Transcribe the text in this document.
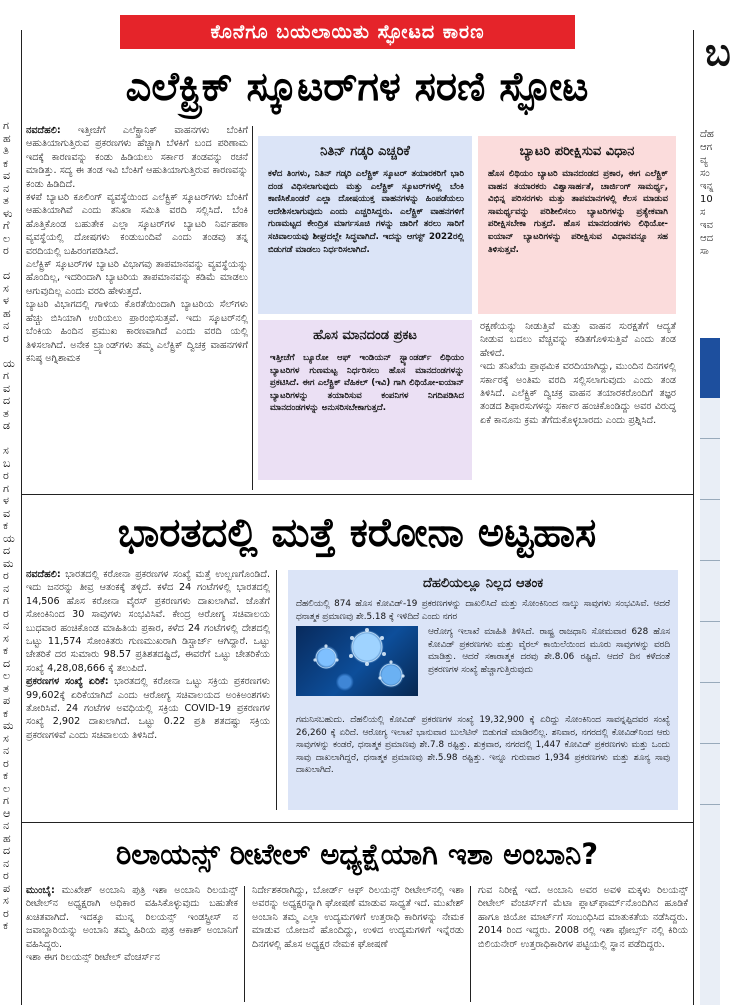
ಕೊನೆಗೂ ಬಯಲಾಯಿತು ಸ್ಫೋಟದ ಕಾರಣ
ಗ
ಹ
ತಿ
ಕ
ವ
ನ
ತ
ಳು
ಗೆ
ಲ
ರ

ದ
ಸ
ಳ
ಹ
ನ
ರ

ಯ
ಗ
ವ
ದ
ತ
ಡ

ಸ
ಬ
ರ
ಗ
ಳ
ವ
ಕ
ಯ
ದ
ಮ
ರ
ನ
ಗ
ರ
ನ
ಸ
ಕ
ದ
ಲ
ತ
ಪ
ಕ
ಮ
ಸ
ನ
ರ
ಕ
ಲ
ಗ
ಆ
ನ
ಹ
ದ
ನ
ರ
ಪ
ಸ
ರ
ಕ
ಬ
ದೆಹ
ಆಗ
ವ್ಯ
ಸಂ
ಇನ್ನ
10
ಸ
ಇವ
ಆದ
ಸಾ
ಎಲೆಕ್ಟ್ರಿಕ್ ಸ್ಕೂಟರ್‌ಗಳ ಸರಣಿ ಸ್ಫೋಟ
ನವದೆಹಲಿ: ಇತ್ತೀಚೆಗೆ ಎಲೆಕ್ಟ್ರಾನಿಕ್ ವಾಹನಗಳು ಬೆಂಕಿಗೆ ಆಹುತಿಯಾಗುತ್ತಿರುವ ಪ್ರಕರಣಗಳು ಹೆಚ್ಚಾಗಿ ಬೆಳಕಿಗೆ ಬಂದ ಪರಿಣಾಮ ಇದಕ್ಕೆ ಕಾರಣವನ್ನು ಕಂಡು ಹಿಡಿಯಲು ಸರ್ಕಾರ ತಂಡವನ್ನು ರಚನೆ ಮಾಡಿತ್ತು. ಸದ್ಯ ಈ ತಂಡ ಇವಿ ಬೆಂಕಿಗೆ ಆಹುತಿಯಾಗುತ್ತಿರುವ ಕಾರಣವನ್ನು ಕಂಡು ಹಿಡಿದಿದೆ.
ಕಳಪೆ ಬ್ಯಾಟರಿ ಕೂಲಿಂಗ್ ವ್ಯವಸ್ಥೆಯಿಂದ ಎಲೆಕ್ಟ್ರಿಕ್ ಸ್ಕೂಟರ್‌ಗಳು ಬೆಂಕಿಗೆ ಆಹುತಿಯಾಗಿವೆ ಎಂದು ತನಿಖಾ ಸಮಿತಿ ವರದಿ ಸಲ್ಲಿಸಿದೆ. ಬೆಂಕಿ ಹೊತ್ತಿಕೊಂಡ ಬಹುತೇಕ ಎಲ್ಲಾ ಸ್ಕೂಟರ್‌ಗಳ ಬ್ಯಾಟರಿ ನಿರ್ವಹಣಾ ವ್ಯವಸ್ಥೆಯಲ್ಲಿ ದೋಷಗಳು ಕಂಡುಬಂದಿವೆ ಎಂದು ತಂಡವು ತನ್ನ ವರದಿಯಲ್ಲಿ ಬಹಿರಂಗಪಡಿಸಿದೆ.
ಎಲೆಕ್ಟ್ರಿಕ್ ಸ್ಕೂಟರ್‌ಗಳ ಬ್ಯಾಟರಿ ವಿಭಾಗವು ತಾಪಮಾನವನ್ನು ವ್ಯವಸ್ಥೆಯನ್ನು ಹೊಂದಿಲ್ಲ, ಇದರಿಂದಾಗಿ ಬ್ಯಾಟರಿಯ ತಾಪಮಾನವನ್ನು ಕಡಿಮೆ ಮಾಡಲು ಆಗುವುದಿಲ್ಲ ಎಂದು ವರದಿ ಹೇಳುತ್ತದೆ.
ಬ್ಯಾಟರಿ ವಿಭಾಗದಲ್ಲಿ ಗಾಳಿಯ ಕೊರತೆಯಿಂದಾಗಿ ಬ್ಯಾಟರಿಯ ಸೆಲ್‌ಗಳು ಹೆಚ್ಚು ಬಿಸಿಯಾಗಿ ಉರಿಯಲು ಪ್ರಾರಂಭಿಸುತ್ತವೆ. ಇದು ಸ್ಕೂಟರ್‌ನಲ್ಲಿ ಬೆಂಕಿಯ ಹಿಂದಿನ ಪ್ರಮುಖ ಕಾರಣವಾಗಿದೆ ಎಂದು ವರದಿ ಯಲ್ಲಿ ತಿಳಿಸಲಾಗಿದೆ. ಅನೇಕ ಬ್ರ್ಯಾಂಡ್‌ಗಳು ತಮ್ಮ ಎಲೆಕ್ಟ್ರಿಕ್ ದ್ವಿಚಕ್ರ ವಾಹನಗಳಿಗೆ ಕನಿಷ್ಠ ಅಗ್ನಿಶಾಮಕ
ನಿತಿನ್ ಗಡ್ಕರಿ ಎಚ್ಚರಿಕೆ
ಕಳೆದ ತಿಂಗಳು, ನಿತಿನ್ ಗಡ್ಕರಿ ಎಲೆಕ್ಟ್ರಿಕ್ ಸ್ಕೂಟರ್ ತಯಾರಕರಿಗೆ ಭಾರಿ ದಂಡ ವಿಧಿಸಲಾಗುವುದು ಮತ್ತು ಎಲೆಕ್ಟ್ರಿಕ್ ಸ್ಕೂಟರ್‌ಗಳಲ್ಲಿ ಬೆಂಕಿ ಕಾಣಿಸಿಕೊಂಡರೆ ಎಲ್ಲಾ ದೋಷಯುಕ್ತ ವಾಹನಗಳನ್ನು ಹಿಂಪಡೆಯಲು ಆದೇಶಿಸಲಾಗುವುದು ಎಂದು ಎಚ್ಚರಿಸಿದ್ದರು. ಎಲೆಕ್ಟ್ರಿಕ್ ವಾಹನಗಳಿಗೆ ಗುಣಮಟ್ಟದ ಕೇಂದ್ರಿತ ಮಾರ್ಗಸೂಚಿ ಗಳನ್ನು ಜಾರಿಗೆ ತರಲು ಸಾರಿಗೆ ಸಚಿವಾಲಯವು ಶೀಘ್ರದಲ್ಲೇ ಸಿದ್ಧವಾಗಿದೆ. ಇದನ್ನು ಆಗಸ್ಟ್ 2022ರಲ್ಲಿ ಬಿಡುಗಡೆ ಮಾಡಲು ನಿರ್ಧರಿಸಲಾಗಿದೆ.
ಬ್ಯಾಟರಿ ಪರೀಕ್ಷಿಸುವ ವಿಧಾನ
ಹೊಸ ಲಿಥಿಯಂ ಬ್ಯಾಟರಿ ಮಾನದಂಡದ ಪ್ರಕಾರ, ಈಗ ಎಲೆಕ್ಟ್ರಿಕ್ ವಾಹನ ತಯಾರಕರು ವಿಶ್ವಾಸಾರ್ಹತೆ, ಚಾರ್ಜಿಂಗ್ ಸಾಮರ್ಥ್ಯ, ವಿಭಿನ್ನ ಪರಿಸರಗಳು ಮತ್ತು ತಾಪಮಾನಗಳಲ್ಲಿ ಕೆಲಸ ಮಾಡುವ ಸಾಮರ್ಥ್ಯವನ್ನು ಪರಿಶೀಲಿಸಲು ಬ್ಯಾಟರಿಗಳನ್ನು ಪ್ರತ್ಯೇಕವಾಗಿ ಪರೀಕ್ಷಿಸಬೇಕಾ ಗುತ್ತದೆ. ಹೊಸ ಮಾನದಂಡಗಳು ಲಿಥಿಯೋ-ಐಯಾನ್ ಬ್ಯಾಟರಿಗಳನ್ನು ಪರೀಕ್ಷಿಸುವ ವಿಧಾನವನ್ನೂ ಸಹ ತಿಳಿಸುತ್ತವೆ.
ಹೊಸ ಮಾನದಂಡ ಪ್ರಕಟ
ಇತ್ತೀಚೆಗೆ ಬ್ಯೂರೋ ಆಫ್ ಇಂಡಿಯನ್ ಸ್ಟ್ಯಾಂಡರ್ಡ್ ಲಿಥಿಯಂ ಬ್ಯಾಟರಿಗಳ ಗುಣಮಟ್ಟ ನಿರ್ಧರಿಸಲು ಹೊಸ ಮಾನದಂಡಗಳನ್ನು ಪ್ರಕಟಿಸಿದೆ. ಈಗ ಎಲೆಕ್ಟ್ರಿಕ್ ವೆಹಿಕಲ್ (ಇವಿ) ಗಾಗಿ ಲಿಥಿಯೋ-ಐಯಾನ್ ಬ್ಯಾಟರಿಗಳನ್ನು ತಯಾರಿಸುವ ಕಂಪನಿಗಳ ನಿಗದಿಪಡಿಸಿದ ಮಾನದಂಡಗಳನ್ನು ಅನುಸರಿಸಬೇಕಾಗುತ್ತದೆ.
ರಕ್ಷಣೆಯನ್ನು ನೀಡುತ್ತಿವೆ ಮತ್ತು ವಾಹನ ಸುರಕ್ಷತೆಗೆ ಆದ್ಯತೆ ನೀಡುವ ಬದಲು ವೆಚ್ಚವನ್ನು ಕಡಿತಗೊಳಿಸುತ್ತಿವೆ ಎಂದು ತಂಡ ಹೇಳಿದೆ.
ಇದು ತನಿಖೆಯ ಪ್ರಾಥಮಿಕ ವರದಿಯಾಗಿದ್ದು, ಮುಂದಿನ ದಿನಗಳಲ್ಲಿ ಸರ್ಕಾರಕ್ಕೆ ಅಂತಿಮ ವರದಿ ಸಲ್ಲಿಸಲಾಗುವುದು ಎಂದು ತಂಡ ತಿಳಿಸಿದೆ. ಎಲೆಕ್ಟ್ರಿಕ್ ದ್ವಿಚಕ್ರ ವಾಹನ ತಯಾರಕರೊಂದಿಗೆ ತಜ್ಞರ ತಂಡದ ಶಿಫಾರಸುಗಳನ್ನು ಸರ್ಕಾರ ಹಂಚಿಕೊಂಡಿದ್ದು ಅವರ ವಿರುದ್ಧ ಏಕೆ ಕಾನೂನು ಕ್ರಮ ತೆಗೆದುಕೊಳ್ಳಬಾರದು ಎಂದು ಪ್ರಶ್ನಿಸಿದೆ.
ಭಾರತದಲ್ಲಿ ಮತ್ತೆ ಕರೋನಾ ಅಟ್ಟಹಾಸ
ನವದೆಹಲಿ: ಭಾರತದಲ್ಲಿ ಕರೋನಾ ಪ್ರಕರಣಗಳ ಸಂಖ್ಯೆ ಮತ್ತೆ ಉಲ್ಬಣಗೊಂಡಿದೆ. ಇದು ಜನರನ್ನು ತೀವ್ರ ಆತಂಕಕ್ಕೆ ತಳ್ಳಿದೆ. ಕಳೆದ 24 ಗಂಟೆಗಳಲ್ಲಿ ಭಾರತದಲ್ಲಿ 14,506 ಹೊಸ ಕರೋನಾ ವೈರಸ್ ಪ್ರಕರಣಗಳು ದಾಖಲಾಗಿವೆ. ಜೊತೆಗೆ ಸೋಂಕಿನಿಂದ 30 ಸಾವುಗಳು ಸಂಭವಿಸಿವೆ. ಕೇಂದ್ರ ಆರೋಗ್ಯ ಸಚಿವಾಲಯ ಬುಧವಾರ ಹಂಚಿಕೊಂಡ ಮಾಹಿತಿಯ ಪ್ರಕಾರ, ಕಳೆದ 24 ಗಂಟೆಗಳಲ್ಲಿ ದೇಶದಲ್ಲಿ ಒಟ್ಟು 11,574 ಸೋಂಕಿತರು ಗುಣಮುಖರಾಗಿ ಡಿಸ್ಚಾರ್ಜ್ ಆಗಿದ್ದಾರೆ. ಒಟ್ಟು ಚೇತರಿಕೆ ದರ ಸುಮಾರು 98.57 ಪ್ರತಿಶತದಷ್ಟಿದೆ, ಈವರೆಗೆ ಒಟ್ಟು ಚೇತರಿಕೆಯ ಸಂಖ್ಯೆ 4,28,08,666 ಕ್ಕೆ ತಲುಪಿದೆ.
ಪ್ರಕರಣಗಳ ಸಂಖ್ಯೆ ಏರಿಕೆ: ಭಾರತದಲ್ಲಿ ಕರೋನಾ ಒಟ್ಟು ಸಕ್ರಿಯ ಪ್ರಕರಣಗಳು 99,602ಕ್ಕೆ ಏರಿಕೆಯಾಗಿದೆ ಎಂದು ಆರೋಗ್ಯ ಸಚಿವಾಲಯದ ಅಂಕಿಅಂಶಗಳು ತೋರಿಸಿವೆ. 24 ಗಂಟೆಗಳ ಅವಧಿಯಲ್ಲಿ ಸಕ್ರಿಯ COVID-19 ಪ್ರಕರಣಗಳ ಸಂಖ್ಯೆ 2,902 ದಾಖಲಾಗಿದೆ. ಒಟ್ಟು 0.22 ಪ್ರತಿ ಶತದಷ್ಟು ಸಕ್ರಿಯ ಪ್ರಕರಣಗಳಿವೆ ಎಂದು ಸಚಿವಾಲಯ ತಿಳಿಸಿದೆ.
ದೆಹಲಿಯಲ್ಲೂ ನಿಲ್ಲದ ಆತಂಕ
ದೆಹಲಿಯಲ್ಲಿ 874 ಹೊಸ ಕೋವಿಡ್-19 ಪ್ರಕರಣಗಳನ್ನು ದಾಖಲಿಸಿದೆ ಮತ್ತು ಸೋಂಕಿನಿಂದ ನಾಲ್ಕು ಸಾವುಗಳು ಸಂಭವಿಸಿವೆ. ಆದರೆ ಧನಾತ್ಮಕ ಪ್ರಮಾಣವು ಶೇ.5.18 ಕ್ಕೆ ಇಳಿದಿದೆ ಎಂದು ನಗರ
ಆರೋಗ್ಯ ಇಲಾಖೆ ಮಾಹಿತಿ ತಿಳಿಸಿದೆ. ರಾಷ್ಟ್ರ ರಾಜಧಾನಿ ಸೋಮವಾರ 628 ಹೊಸ ಕೋವಿಡ್ ಪ್ರಕರಣಗಳು ಮತ್ತು ವೈರಲ್ ಕಾಯಿಲೆಯಿಂದ ಮೂರು ಸಾವುಗಳನ್ನು ವರದಿ ಮಾಡಿತ್ತು. ಆದರೆ ಸಕಾರಾತ್ಮಕ ದರವು ಶೇ.8.06 ರಷ್ಟಿದೆ. ಆದರೆ ದಿನ ಕಳೆದಂತೆ ಪ್ರಕರಣಗಳ ಸಂಖ್ಯೆ ಹೆಚ್ಚಾಗುತ್ತಿರುವುದು
ಗಮನಿಸಬಹುದು. ದೆಹಲಿಯಲ್ಲಿ ಕೋವಿಡ್ ಪ್ರಕರಣಗಳ ಸಂಖ್ಯೆ 19,32,900 ಕ್ಕೆ ಏರಿದ್ದು ಸೋಂಕಿನಿಂದ ಸಾವನ್ನಪ್ಪಿದವರ ಸಂಖ್ಯೆ 26,260 ಕ್ಕೆ ಏರಿದೆ. ಆರೋಗ್ಯ ಇಲಾಖೆ ಭಾನುವಾರ ಬುಲೆಟಿನ್ ಬಿಡುಗಡೆ ಮಾಡಿರಲಿಲ್ಲ. ಶನಿವಾರ, ನಗರದಲ್ಲಿ ಕೋವಿಡ್‌ನಿಂದ ಆರು ಸಾವುಗಳನ್ನು ಕಂಡರೆ, ಧನಾತ್ಮಕ ಪ್ರಮಾಣವು ಶೇ.7.8 ರಷ್ಟಿತ್ತು. ಶುಕ್ರವಾರ, ನಗರದಲ್ಲಿ 1,447 ಕೋವಿಡ್ ಪ್ರಕರಣಗಳು ಮತ್ತು ಒಂದು ಸಾವು ದಾಖಲಾಗಿದ್ದರೆ, ಧನಾತ್ಮಕ ಪ್ರಮಾಣವು ಶೇ.5.98 ರಷ್ಟಿತ್ತು. ಇನ್ನೂ ಗುರುವಾರ 1,934 ಪ್ರಕರಣಗಳು ಮತ್ತು ಶೂನ್ಯ ಸಾವು ದಾಖಲಾಗಿದೆ.
ರಿಲಾಯನ್ಸ್ ರೀಟೇಲ್ ಅಧ್ಯಕ್ಷೆಯಾಗಿ ಇಶಾ ಅಂಬಾನಿ?
ಮುಂಬೈ: ಮುಖೇಶ್ ಅಂಬಾನಿ ಪುತ್ರಿ ಇಶಾ ಅಂಬಾನಿ ರಿಲಯನ್ಸ್ ರೀಟೇಲ್‌ನ ಅಧ್ಯಕ್ಷರಾಗಿ ಅಧಿಕಾರ ವಹಿಸಿಕೊಳ್ಳುವುದು ಬಹುತೇಕ ಖಚಿತವಾಗಿದೆ. ಇದಕ್ಕೂ ಮುನ್ನ ರಿಲಯನ್ಸ್ ಇಂಡಸ್ಟ್ರೀಸ್ ನ ಜವಾಬ್ದಾರಿಯನ್ನು ಅಂಬಾನಿ ತಮ್ಮ ಹಿರಿಯ ಪುತ್ರ ಆಕಾಶ್ ಅಂಬಾನಿಗೆ ವಹಿಸಿದ್ದರು.
ಇಶಾ ಈಗ ರಿಲಯನ್ಸ್ ರೀಟೇಲ್ ವೆಂಚರ್ಸ್‌ನ
ನಿರ್ದೇಶಕರಾಗಿದ್ದು, ಬೋರ್ಡ್ ಆಫ್ ರಿಲಯನ್ಸ್ ರೀಟೇಲ್‌ನಲ್ಲಿ ಇಶಾ ಅವರನ್ನು ಅಧ್ಯಕ್ಷರನ್ನಾಗಿ ಘೋಷಣೆ ಮಾಡುವ ಸಾಧ್ಯತೆ ಇದೆ. ಮುಖೇಶ್ ಅಂಬಾನಿ ತಮ್ಮ ಎಲ್ಲಾ ಉದ್ಯಮಗಳಿಗೆ ಉತ್ತರಾಧಿ ಕಾರಿಗಳನ್ನು ನೇಮಕ ಮಾಡುವ ಯೋಜನೆ ಹೊಂದಿದ್ದು, ಉಳಿದ ಉದ್ಯಮಗಳಿಗೆ ಇನ್ನೆರಡು ದಿನಗಳಲ್ಲಿ ಹೊಸ ಅಧ್ಯಕ್ಷರ ನೇಮಕ ಘೋಷಣೆ
ಗುವ ನಿರೀಕ್ಷೆ ಇದೆ. ಅಂಬಾನಿ ಅವರ ಅವಳಿ ಮಕ್ಕಳು ರಿಲಯನ್ಸ್ ರೀಟೇಲ್ ವೆಂಚರ್ಸ್‌ಗೆ ಮೆಟಾ ಪ್ಲಾಟ್‌ಫಾರ್ಮ್‌ನೊಂದಿಗಿನ ಹೂಡಿಕೆ ಹಾಗೂ ಜಿಯೋ ಮಾರ್ಟ್‌ಗೆ ಸಂಬಂಧಿಸಿದ ಮಾತುಕತೆಯ ನಡೆಸಿದ್ದರು. 2014 ರಿಂದ ಇದ್ದರು. 2008 ರಲ್ಲಿ ಇಶಾ ಫೋರ್ಬ್ಸ್ ನಲ್ಲಿ ಕಿರಿಯ ಬಿಲಿಯನೇರ್ ಉತ್ತರಾಧಿಕಾರಿಗಳ ಪಟ್ಟಿಯಲ್ಲಿ ಸ್ಥಾನ ಪಡೆದಿದ್ದರು.
